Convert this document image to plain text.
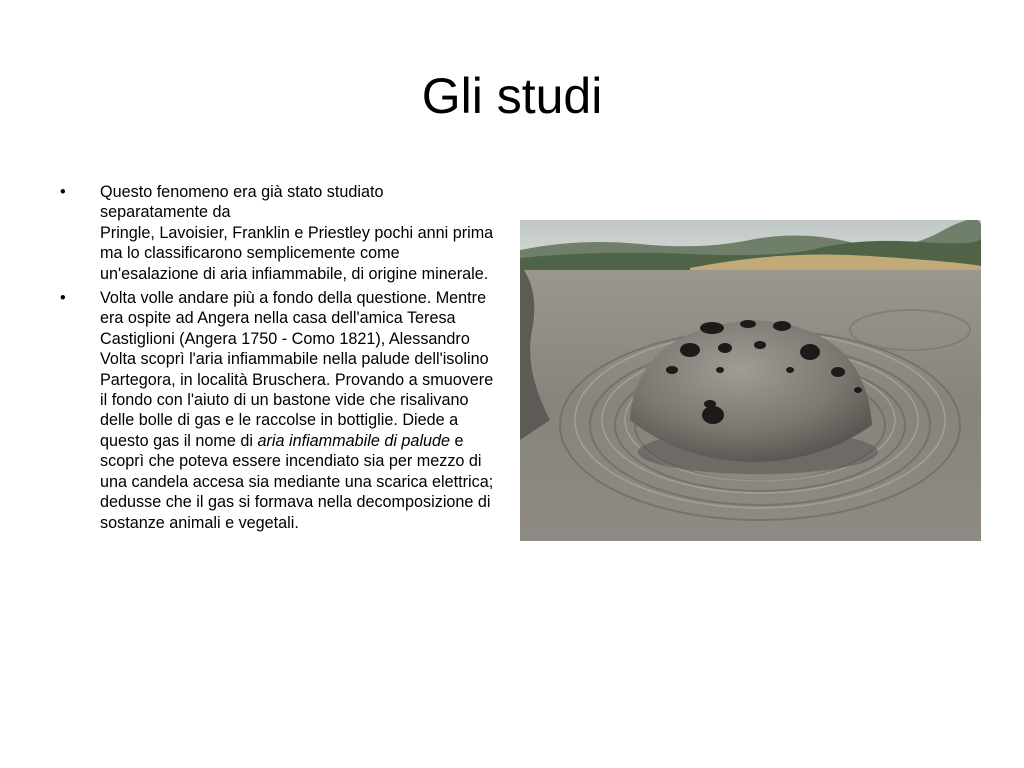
Gli studi
• Questo fenomeno era già stato studiato
separatamente da
Pringle, Lavoisier, Franklin e Priestley pochi anni prima ma lo classificarono semplicemente come un'esalazione di aria infiammabile, di origine minerale.
• Volta volle andare più a fondo della questione. Mentre era ospite ad Angera nella casa dell'amica Teresa
Castiglioni (Angera 1750 - Como 1821), Alessandro Volta scoprì l'aria infiammabile nella palude dell'isolino Partegora, in località Bruschera. Provando a smuovere il fondo con l'aiuto di un bastone vide che risalivano delle bolle di gas e le raccolse in bottiglie. Diede a questo gas il nome di aria infiammabile di palude e scoprì che poteva essere incendiato sia per mezzo di una candela accesa sia mediante una scarica elettrica; dedusse che il gas si formava nella decomposizione di sostanze animali e vegetali.
